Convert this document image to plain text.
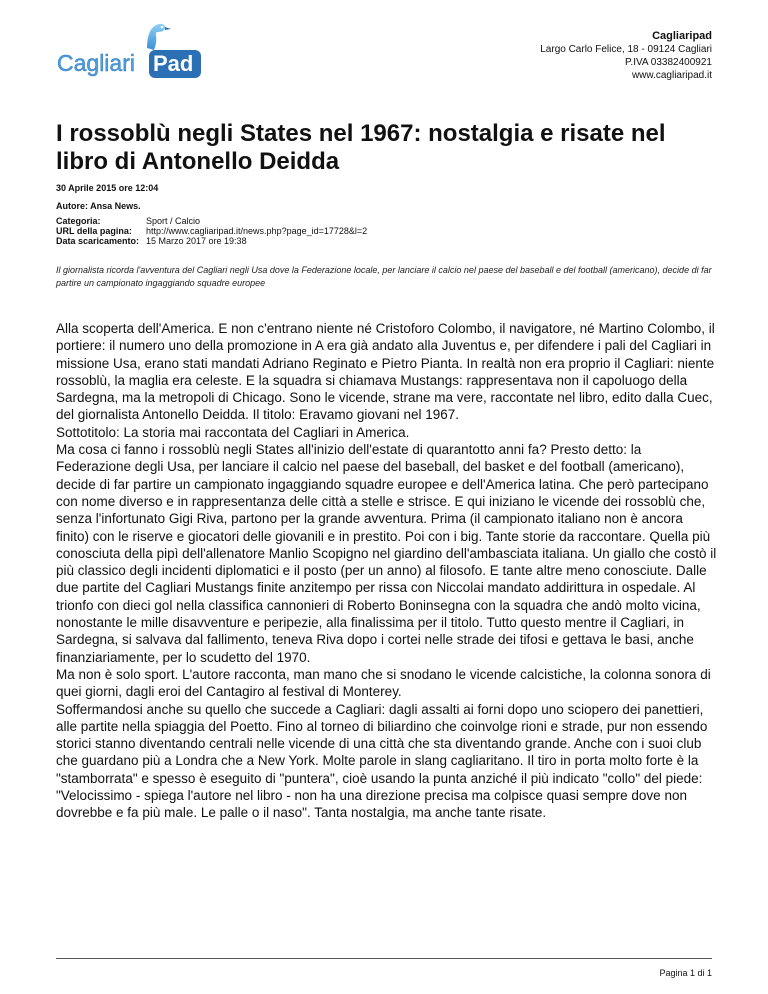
Pad
Cagliari
Cagliaripad
Largo Carlo Felice, 18 - 09124 Cagliari
P.IVA 03382400921
www.cagliaripad.it
I rossoblù negli States nel 1967: nostalgia e risate nel libro di Antonello Deidda
30 Aprile 2015 ore 12:04
Autore: Ansa News.
Categoria:	Sport / Calcio
URL della pagina:	http://www.cagliaripad.it/news.php?page_id=17728&l=2
Data scaricamento:	15 Marzo 2017 ore 19:38

Il giornalista ricorda l'avventura del Cagliari negli Usa dove la Federazione locale, per lanciare il calcio nel paese del baseball e del football (americano), decide di far partire un campionato ingaggiando squadre europee

Alla scoperta dell'America. E non c'entrano niente né Cristoforo Colombo, il navigatore, né Martino Colombo, il portiere: il numero uno della promozione in A era già andato alla Juventus e, per difendere i pali del Cagliari in missione Usa, erano stati mandati Adriano Reginato e Pietro Pianta. In realtà non era proprio il Cagliari: niente rossoblù, la maglia era celeste. E la squadra si chiamava Mustangs: rappresentava non il capoluogo della Sardegna, ma la metropoli di Chicago. Sono le vicende, strane ma vere, raccontate nel libro, edito dalla Cuec, del giornalista Antonello Deidda. Il titolo: Eravamo giovani nel 1967.

Sottotitolo: La storia mai raccontata del Cagliari in America.

Ma cosa ci fanno i rossoblù negli States all'inizio dell'estate di quarantotto anni fa? Presto detto: la Federazione degli Usa, per lanciare il calcio nel paese del baseball, del basket e del football (americano), decide di far partire un campionato ingaggiando squadre europee e dell'America latina. Che però partecipano con nome diverso e in rappresentanza delle città a stelle e strisce. E qui iniziano le vicende dei rossoblù che, senza l'infortunato Gigi Riva, partono per la grande avventura. Prima (il campionato italiano non è ancora finito) con le riserve e giocatori delle giovanili e in prestito. Poi con i big. Tante storie da raccontare. Quella più conosciuta della pipì dell'allenatore Manlio Scopigno nel giardino dell'ambasciata italiana. Un giallo che costò il più classico degli incidenti diplomatici e il posto (per un anno) al filosofo. E tante altre meno conosciute. Dalle due partite del Cagliari Mustangs finite anzitempo per rissa con Niccolai mandato addirittura in ospedale. Al trionfo con dieci gol nella classifica cannonieri di Roberto Boninsegna con la squadra che andò molto vicina, nonostante le mille disavventure e peripezie, alla finalissima per il titolo. Tutto questo mentre il Cagliari, in Sardegna, si salvava dal fallimento, teneva Riva dopo i cortei nelle strade dei tifosi e gettava le basi, anche finanziariamente, per lo scudetto del 1970.

Ma non è solo sport. L'autore racconta, man mano che si snodano le vicende calcistiche, la colonna sonora di quei giorni, dagli eroi del Cantagiro al festival di Monterey.

Soffermandosi anche su quello che succede a Cagliari: dagli assalti ai forni dopo uno sciopero dei panettieri, alle partite nella spiaggia del Poetto. Fino al torneo di biliardino che coinvolge rioni e strade, pur non essendo storici stanno diventando centrali nelle vicende di una città che sta diventando grande. Anche con i suoi club che guardano più a Londra che a New York. Molte parole in slang cagliaritano. Il tiro in porta molto forte è la "stamborrata" e spesso è eseguito di "puntera", cioè usando la punta anziché il più indicato "collo" del piede: "Velocissimo - spiega l'autore nel libro - non ha una direzione precisa ma colpisce quasi sempre dove non dovrebbe e fa più male. Le palle o il naso". Tanta nostalgia, ma anche tante risate.

Pagina 1 di 1
